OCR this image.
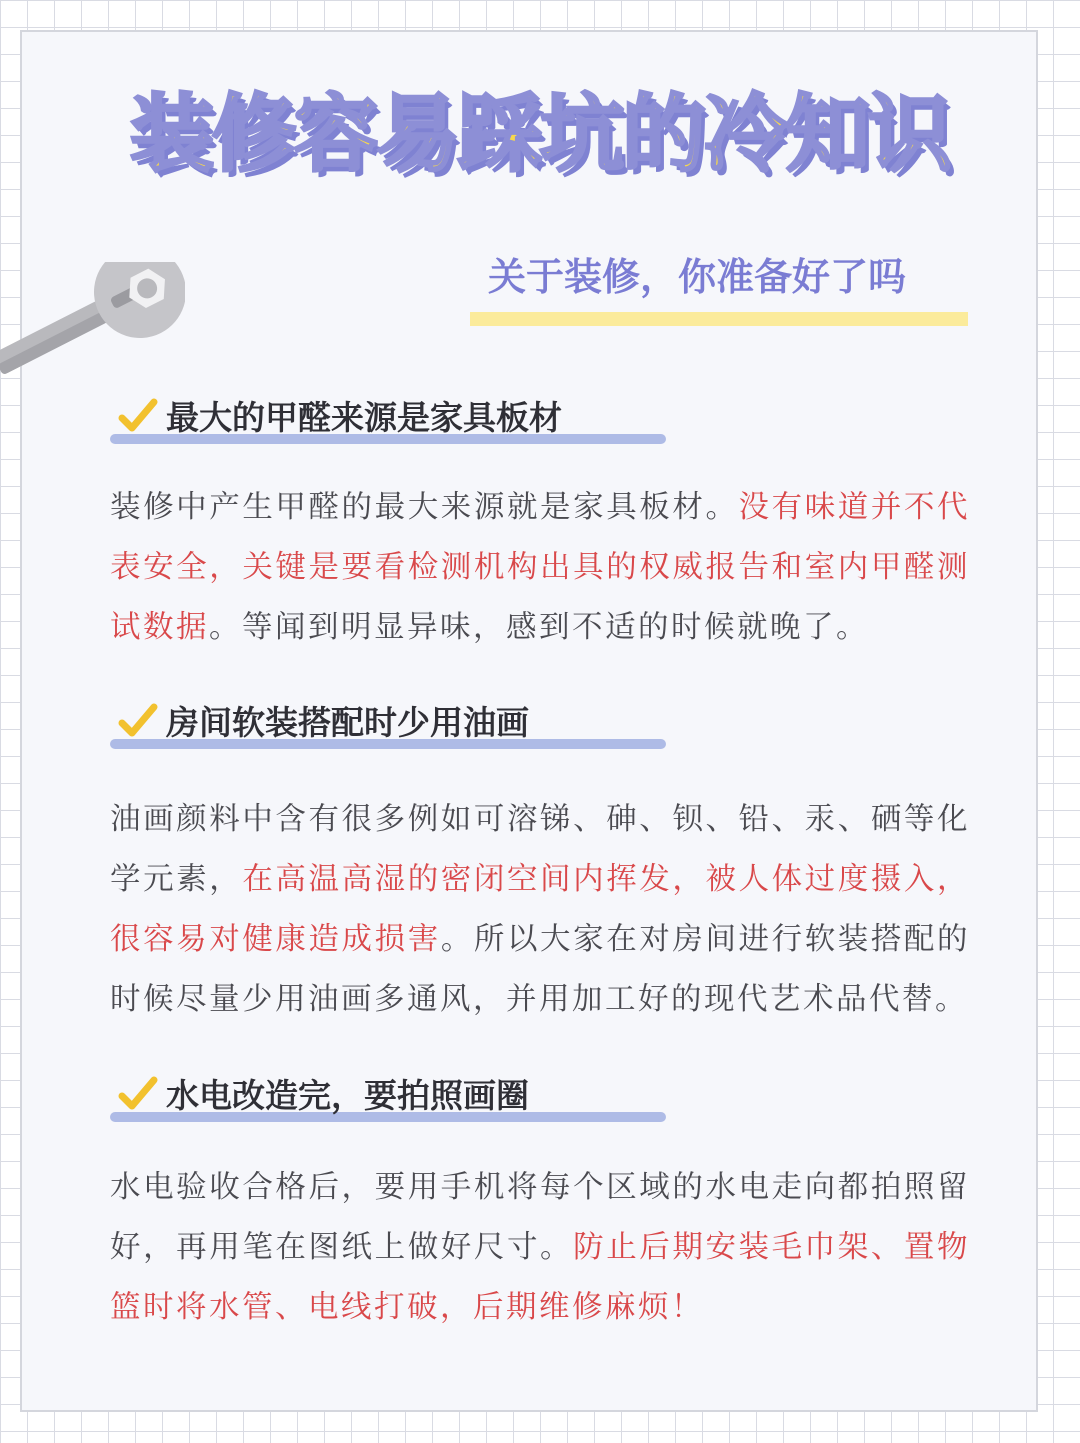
装修容易踩坑的冷知识
关于装修，你准备好了吗
最大的甲醛来源是家具板材
装修中产生甲醛的最大来源就是家具板材。没有味道并不代表安全，关键是要看检测机构出具的权威报告和室内甲醛测试数据。等闻到明显异味，感到不适的时候就晚了。
房间软装搭配时少用油画
油画颜料中含有很多例如可溶锑、砷、钡、铅、汞、硒等化学元素，在高温高湿的密闭空间内挥发，被人体过度摄入，很容易对健康造成损害。所以大家在对房间进行软装搭配的时候尽量少用油画多通风，并用加工好的现代艺术品代替。
水电改造完，要拍照画圈
水电验收合格后，要用手机将每个区域的水电走向都拍照留好，再用笔在图纸上做好尺寸。防止后期安装毛巾架、置物篮时将水管、电线打破，后期维修麻烦！
